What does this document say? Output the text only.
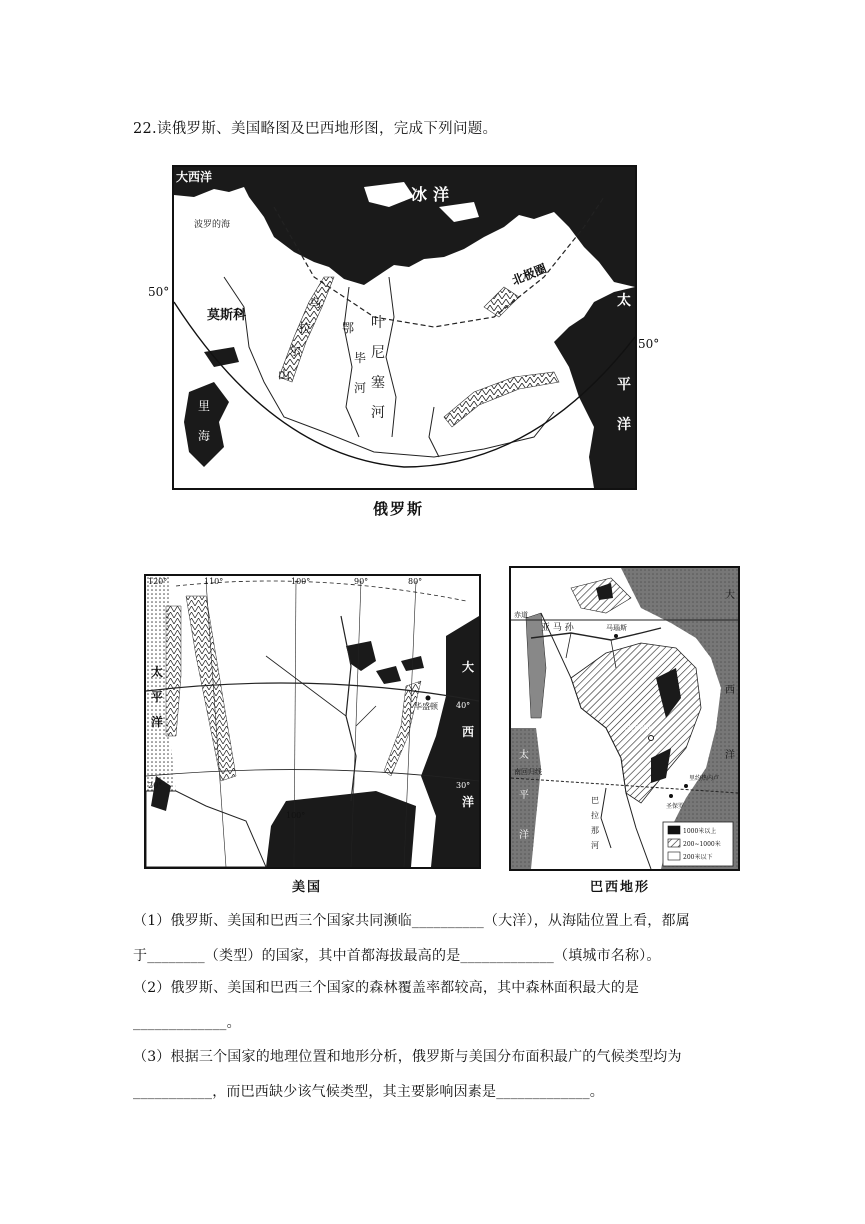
22.读俄罗斯、美国略图及巴西地形图，完成下列问题。
大西洋
北冰洋
北极圈
太
平
洋
莫斯科
波罗的海
乌
拉
尔
山
鄂
毕
河
叶
尼
塞
河
里
海
50°
50°
俄罗斯
120°	110°	100°	90°	80°
100°
40°
30°
20°
太
平
洋
大
西
洋
华盛顿
美国
赤道
亚 马 孙	马瑙斯
巴西利亚
南回归线
巴
拉
那
河
太
平
洋
大
西
洋
里约热内卢
圣保罗
1000米以上
200~1000米
200米以下
巴西地形
（1）俄罗斯、美国和巴西三个国家共同濒临__________（大洋），从海陆位置上看，都属
于________（类型）的国家，其中首都海拔最高的是_____________（填城市名称）。
（2）俄罗斯、美国和巴西三个国家的森林覆盖率都较高，其中森林面积最大的是
_____________。
（3）根据三个国家的地理位置和地形分析，俄罗斯与美国分布面积最广的气候类型均为
___________，而巴西缺少该气候类型，其主要影响因素是_____________。
